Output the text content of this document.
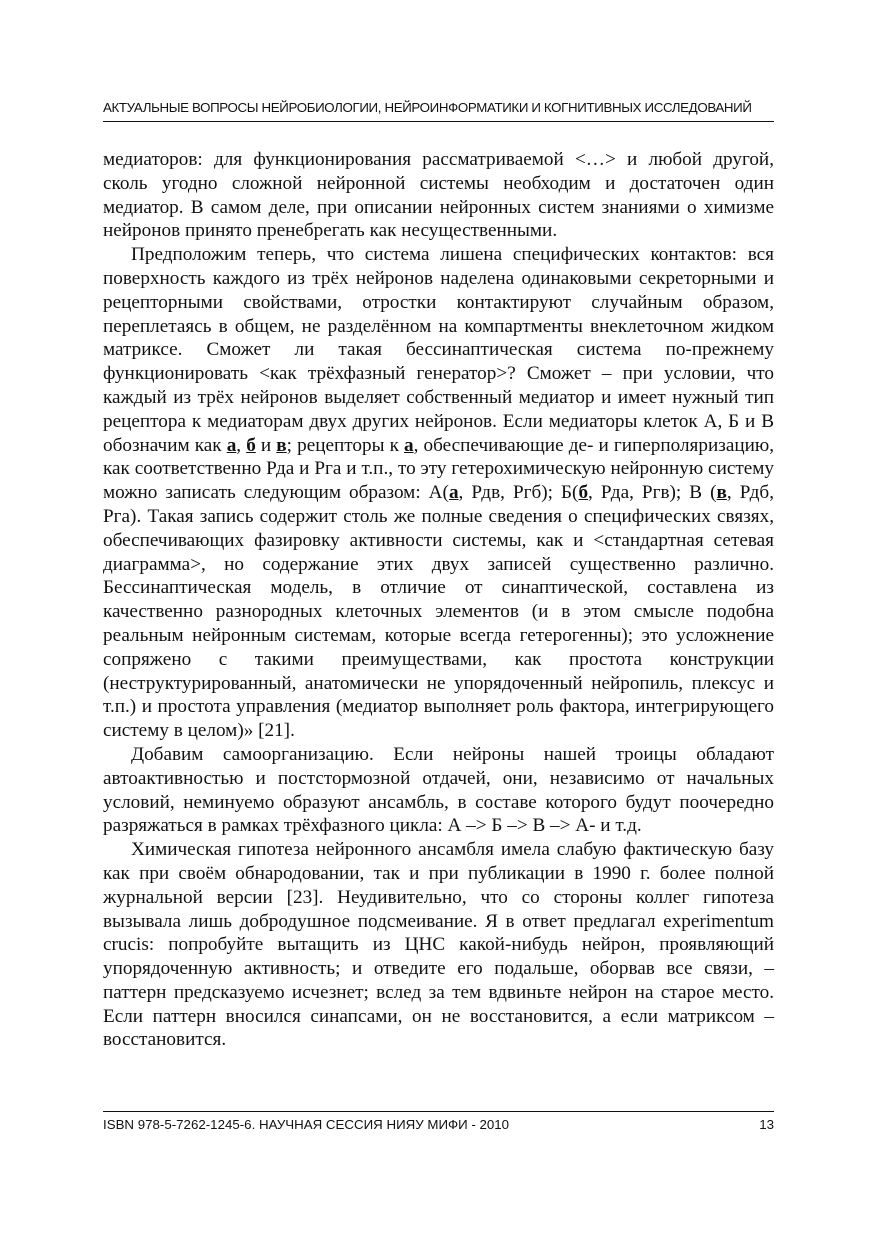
АКТУАЛЬНЫЕ ВОПРОСЫ НЕЙРОБИОЛОГИИ, НЕЙРОИНФОРМАТИКИ И КОГНИТИВНЫХ ИССЛЕДОВАНИЙ

медиаторов: для функционирования рассматриваемой <…> и любой другой, сколь угодно сложной нейронной системы необходим и достаточен один медиатор. В самом деле, при описании нейронных систем знаниями о химизме нейронов принято пренебрегать как несущественными.

Предположим теперь, что система лишена специфических контактов: вся поверхность каждого из трёх нейронов наделена одинаковыми секреторными и рецепторными свойствами, отростки контактируют случайным образом, переплетаясь в общем, не разделённом на компартменты внеклеточном жидком матриксе. Сможет ли такая бессинаптическая система по-прежнему функционировать <как трёхфазный генератор>? Сможет – при условии, что каждый из трёх нейронов выделяет собственный медиатор и имеет нужный тип рецептора к медиаторам двух других нейронов. Если медиаторы клеток А, Б и В обозначим как а, б и в; рецепторы к а, обеспечивающие де- и гиперполяризацию, как соответственно Рда и Рга и т.п., то эту гетерохимическую нейронную систему можно записать следующим образом: А(а, Рдв, Ргб); Б(б, Рда, Ргв); В (в, Рдб, Рга). Такая запись содержит столь же полные сведения о специфических связях, обеспечивающих фазировку активности системы, как и <стандартная сетевая диаграмма>, но содержание этих двух записей существенно различно. Бессинаптическая модель, в отличие от синаптической, составлена из качественно разнородных клеточных элементов (и в этом смысле подобна реальным нейронным системам, которые всегда гетерогенны); это усложнение сопряжено с такими преимуществами, как простота конструкции (неструктурированный, анатомически не упорядоченный нейропиль, плексус и т.п.) и простота управления (медиатор выполняет роль фактора, интегрирующего систему в целом)» [21].

Добавим самоорганизацию. Если нейроны нашей троицы обладают автоактивностью и постстормозной отдачей, они, независимо от начальных условий, неминуемо образуют ансамбль, в составе которого будут поочередно разряжаться в рамках трёхфазного цикла: А –> Б –> В –> А- и т.д.

Химическая гипотеза нейронного ансамбля имела слабую фактическую базу как при своём обнародовании, так и при публикации в 1990 г. более полной журнальной версии [23]. Неудивительно, что со стороны коллег гипотеза вызывала лишь добродушное подсмеивание. Я в ответ предлагал experimentum crucis: попробуйте вытащить из ЦНС какой-нибудь нейрон, проявляющий упорядоченную активность; и отведите его подальше, оборвав все связи, – паттерн предсказуемо исчезнет; вслед за тем вдвиньте нейрон на старое место. Если паттерн вносился синапсами, он не восстановится, а если матриксом – восстановится.

ISBN 978-5-7262-1245-6. НАУЧНАЯ СЕССИЯ НИЯУ МИФИ - 2010	13
